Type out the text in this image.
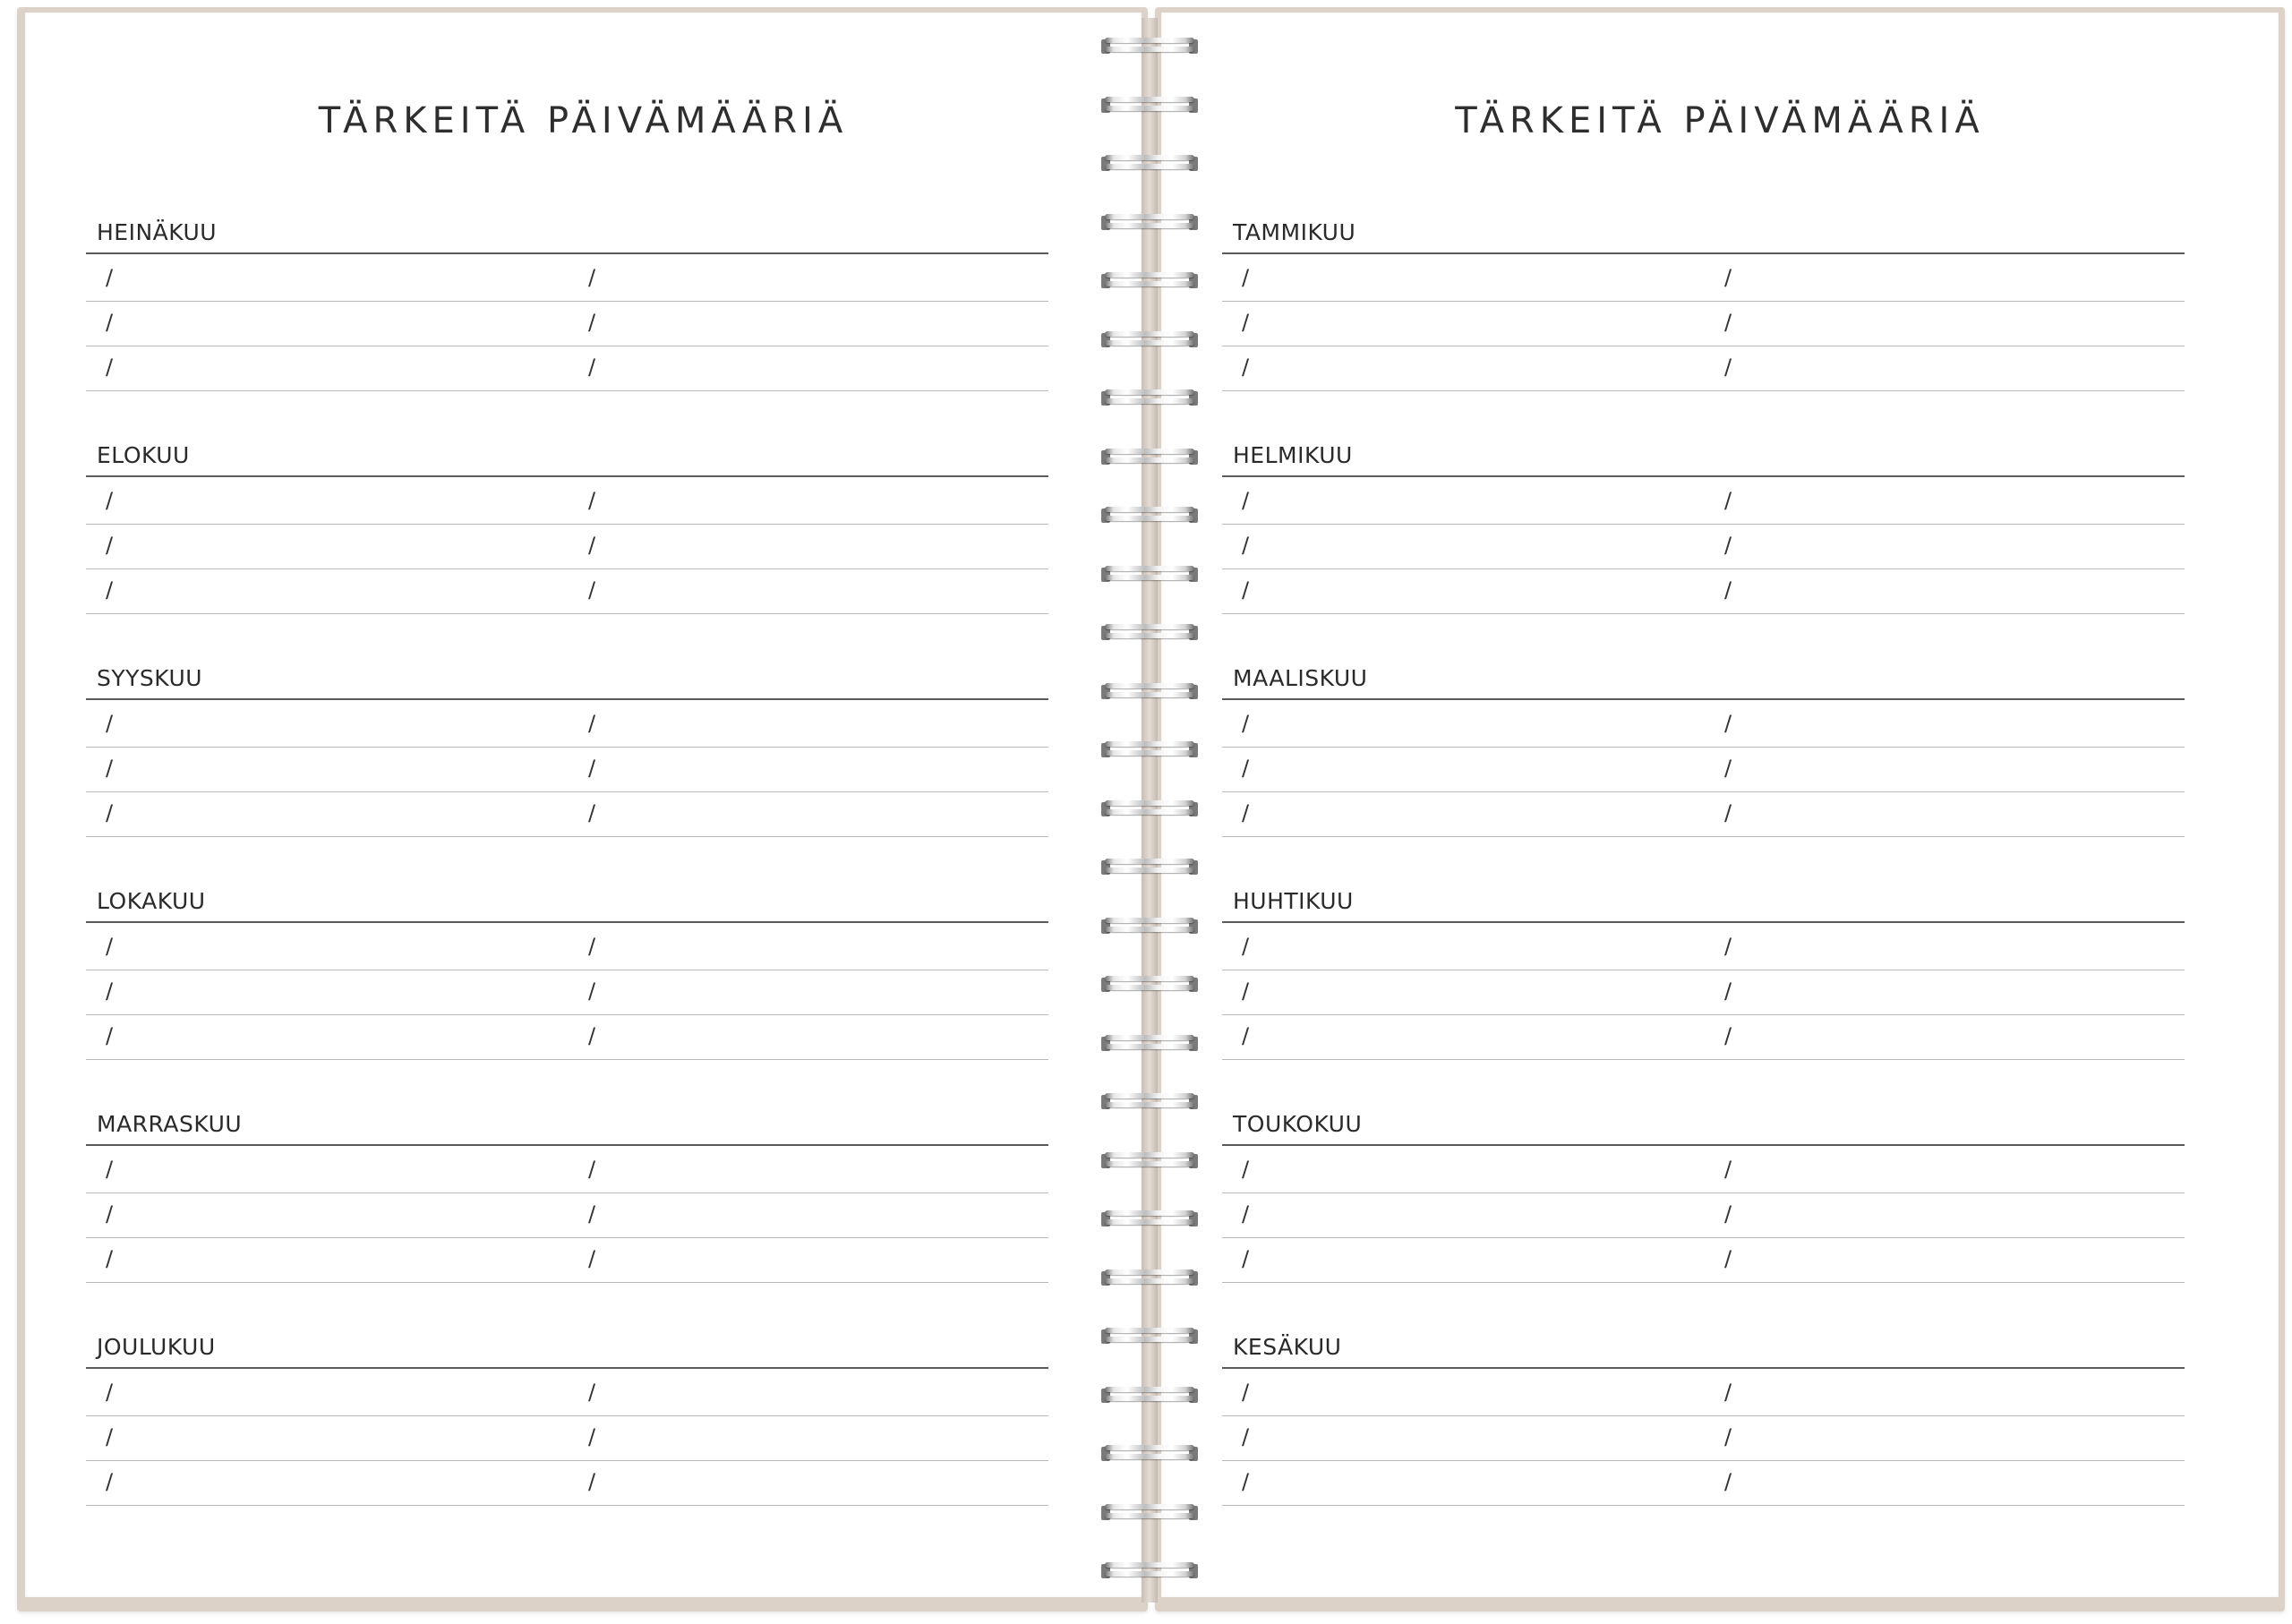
TÄRKEITÄ PÄIVÄMÄÄRIÄ
HEINÄKUU
/	/
/	/
/	/
ELOKUU
/	/
/	/
/	/
SYYSKUU
/	/
/	/
/	/
LOKAKUU
/	/
/	/
/	/
MARRASKUU
/	/
/	/
/	/
JOULUKUU
/	/
/	/
/	/
TÄRKEITÄ PÄIVÄMÄÄRIÄ
TAMMIKUU
/	/
/	/
/	/
HELMIKUU
/	/
/	/
/	/
MAALISKUU
/	/
/	/
/	/
HUHTIKUU
/	/
/	/
/	/
TOUKOKUU
/	/
/	/
/	/
KESÄKUU
/	/
/	/
/	/
